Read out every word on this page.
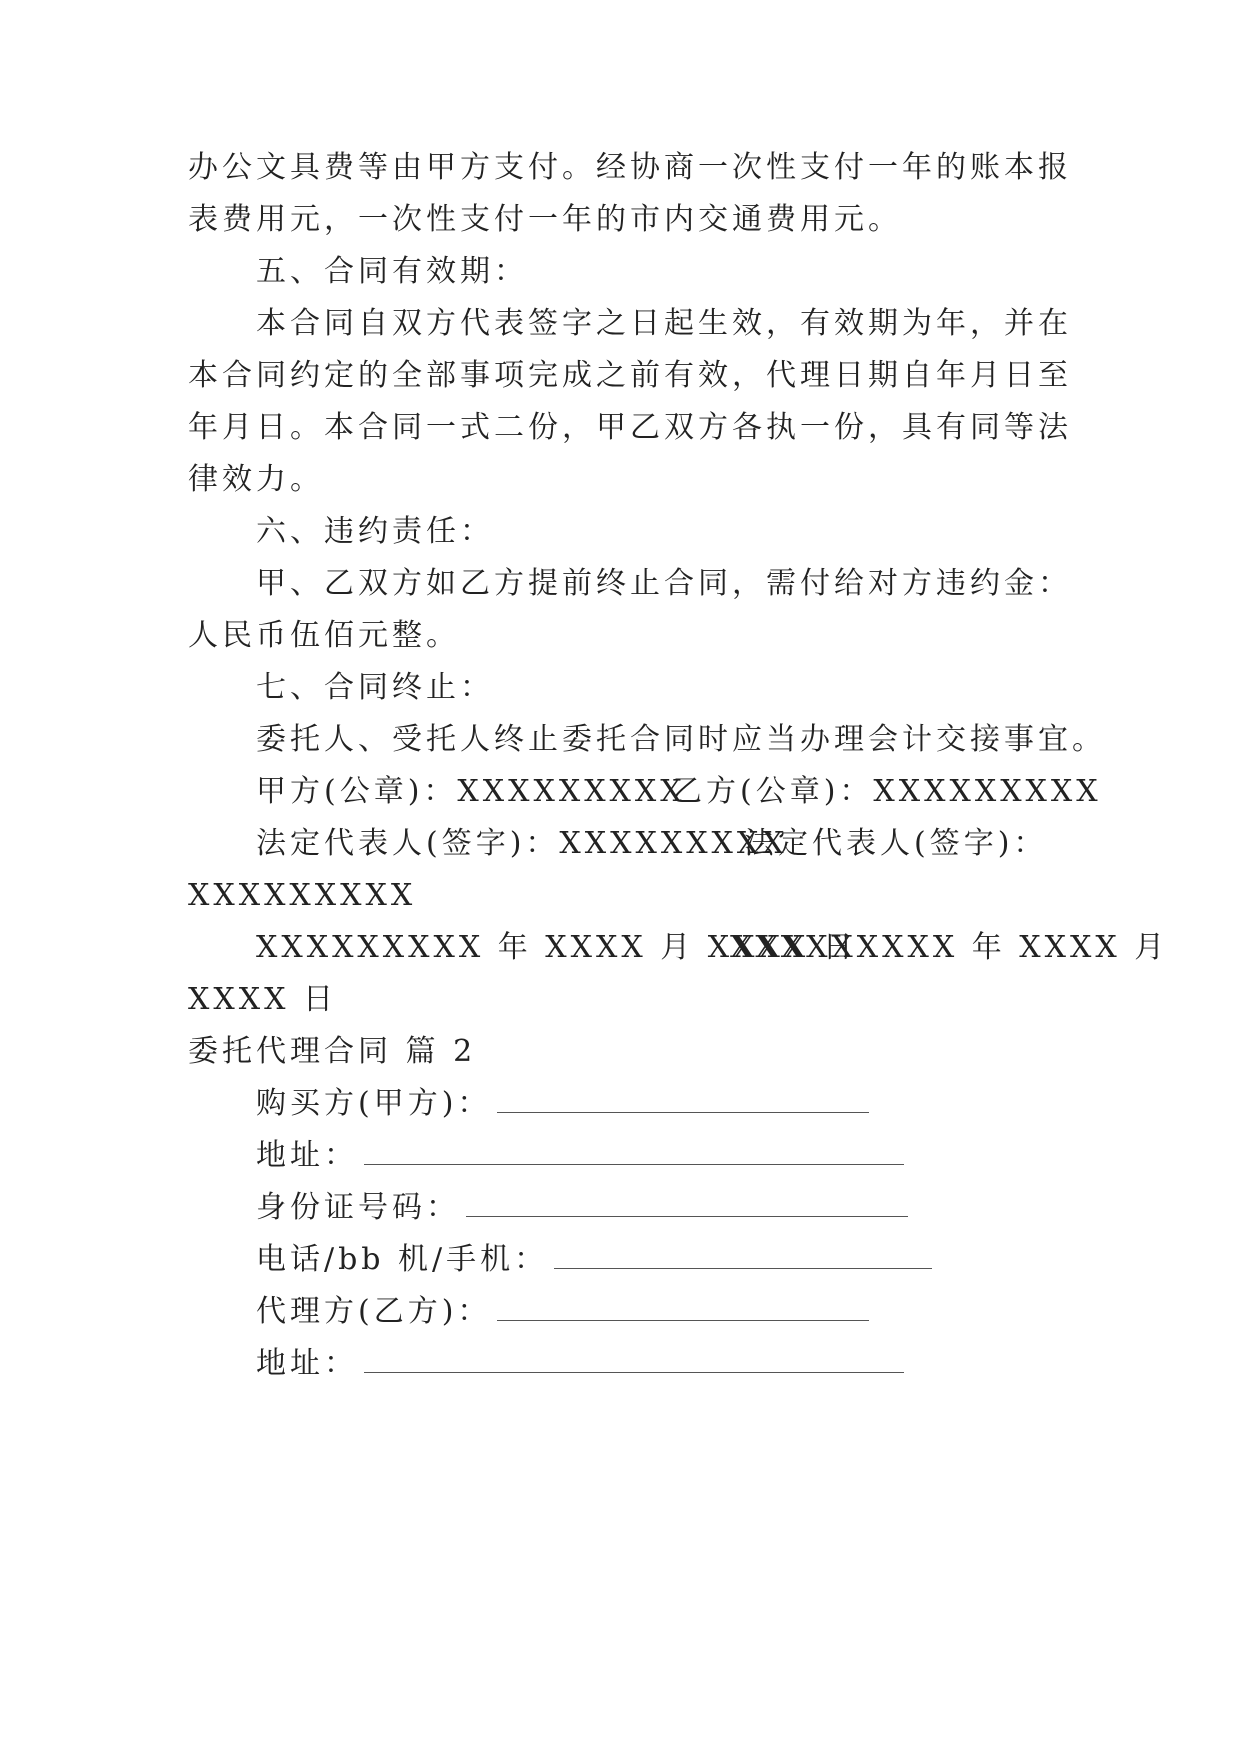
办公文具费等由甲方支付。经协商一次性支付一年的账本报
表费用元，一次性支付一年的市内交通费用元。
五、合同有效期：
本合同自双方代表签字之日起生效，有效期为年，并在
本合同约定的全部事项完成之前有效，代理日期自年月日至
年月日。本合同一式二份，甲乙双方各执一份，具有同等法
律效力。
六、违约责任：
甲、乙双方如乙方提前终止合同，需付给对方违约金：
人民币伍佰元整。
七、合同终止：
委托人、受托人终止委托合同时应当办理会计交接事宜。
甲方(公章)：XXXXXXXXX
乙方(公章)：XXXXXXXXX
法定代表人(签字)：XXXXXXXXX
法定代表人(签字)：
XXXXXXXXX
XXXXXXXXX 年 XXXX 月 XXXX 日
XXXXXXXXX 年 XXXX 月
XXXX 日
委托代理合同 篇 2
购买方(甲方)：
地址：
身份证号码：
电话/bb 机/手机：
代理方(乙方)：
地址：
